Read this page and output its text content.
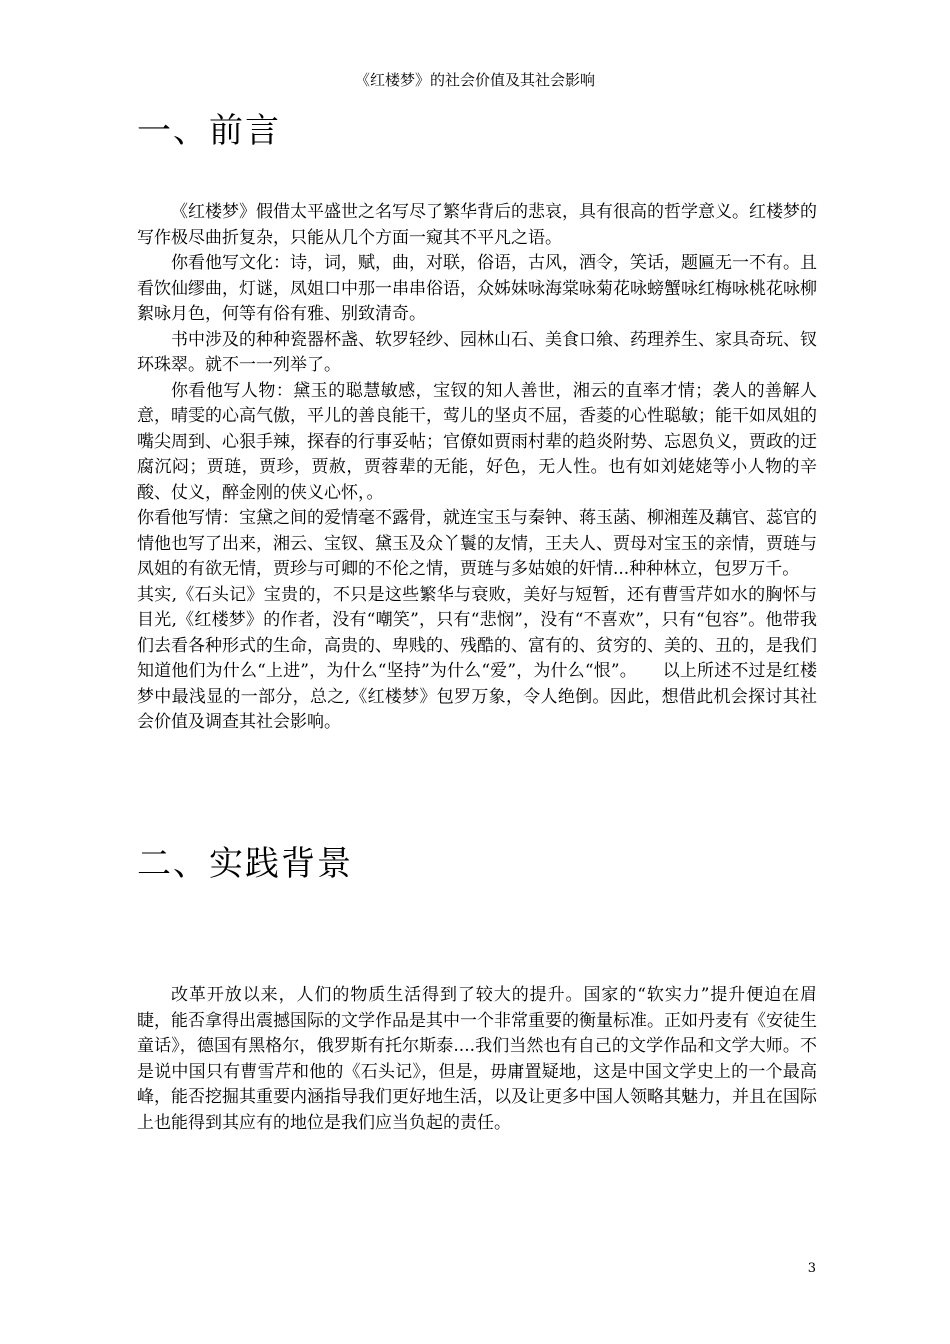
《红楼梦》的社会价值及其社会影响
一、前言

《红楼梦》假借太平盛世之名写尽了繁华背后的悲哀，具有很高的哲学意义。红楼梦的写作极尽曲折复杂，只能从几个方面一窥其不平凡之语。

你看他写文化：诗，词，赋，曲，对联，俗语，古风，酒令，笑话，题匾无一不有。且看饮仙缪曲，灯谜，凤姐口中那一串串俗语，众姊妹咏海棠咏菊花咏螃蟹咏红梅咏桃花咏柳絮咏月色，何等有俗有雅、别致清奇。

书中涉及的种种瓷器杯盏、软罗轻纱、园林山石、美食口飨、药理养生、家具奇玩、钗环珠翠。就不一一列举了。

你看他写人物：黛玉的聪慧敏感，宝钗的知人善世，湘云的直率才情；袭人的善解人意，晴雯的心高气傲，平儿的善良能干，莺儿的坚贞不屈，香菱的心性聪敏；能干如凤姐的嘴尖周到、心狠手辣，探春的行事妥帖；官僚如贾雨村辈的趋炎附势、忘恩负义，贾政的迂腐沉闷；贾琏，贾珍，贾赦，贾蓉辈的无能，好色，无人性。也有如刘姥姥等小人物的辛酸、仗义，醉金刚的侠义心怀，。

你看他写情：宝黛之间的爱情毫不露骨，就连宝玉与秦钟、蒋玉菡、柳湘莲及藕官、蕊官的情他也写了出来，湘云、宝钗、黛玉及众丫鬟的友情，王夫人、贾母对宝玉的亲情，贾琏与凤姐的有欲无情，贾珍与可卿的不伦之情，贾琏与多姑娘的奸情...种种林立，包罗万千。

其实,《石头记》宝贵的，不只是这些繁华与衰败，美好与短暂，还有曹雪芹如水的胸怀与目光,《红楼梦》的作者，没有“嘲笑”，只有“悲悯”，没有“不喜欢”，只有“包容”。他带我们去看各种形式的生命，高贵的、卑贱的、残酷的、富有的、贫穷的、美的、丑的，是我们知道他们为什么“上进”，为什么“坚持”为什么“爱”，为什么“恨”。　　以上所述不过是红楼梦中最浅显的一部分，总之,《红楼梦》包罗万象，令人绝倒。因此，想借此机会探讨其社会价值及调查其社会影响。

二、实践背景

改革开放以来，人们的物质生活得到了较大的提升。国家的“软实力”提升便迫在眉睫，能否拿得出震撼国际的文学作品是其中一个非常重要的衡量标准。正如丹麦有《安徒生童话》，德国有黑格尔，俄罗斯有托尔斯泰....我们当然也有自己的文学作品和文学大师。不是说中国只有曹雪芹和他的《石头记》，但是，毋庸置疑地，这是中国文学史上的一个最高峰，能否挖掘其重要内涵指导我们更好地生活，以及让更多中国人领略其魅力，并且在国际上也能得到其应有的地位是我们应当负起的责任。

3
